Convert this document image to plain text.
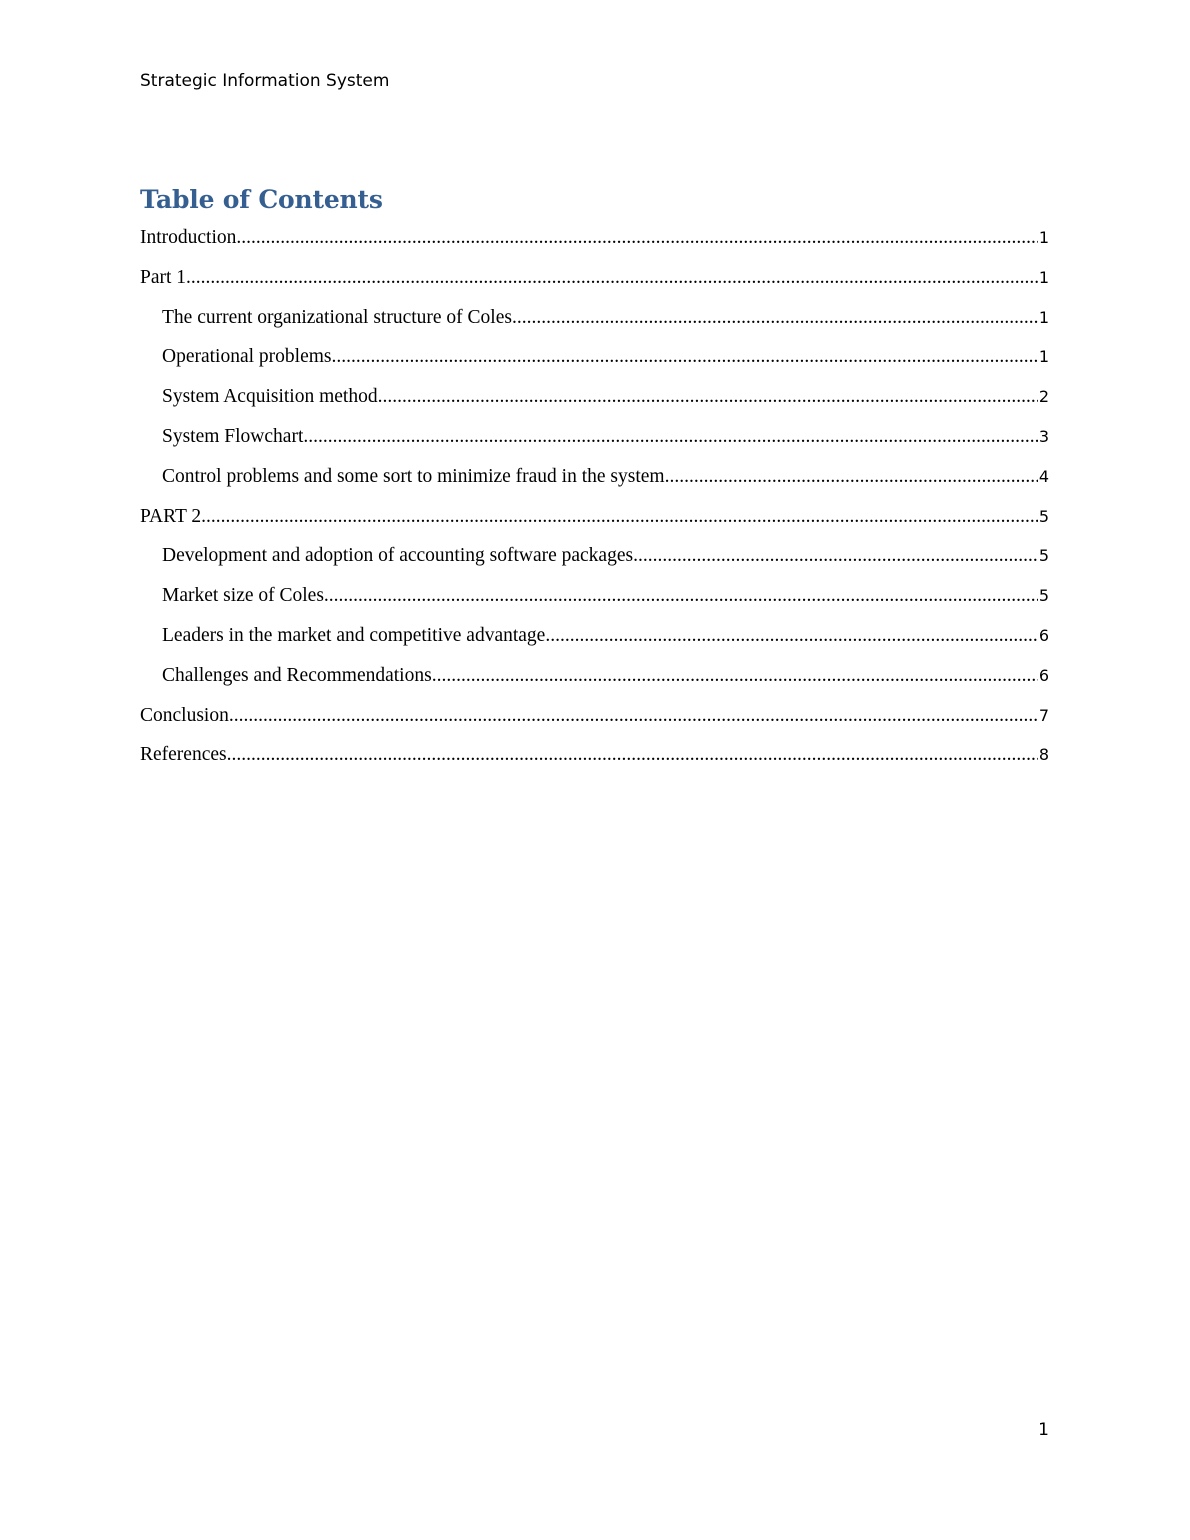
Strategic Information System
Table of Contents
Introduction .....	1
Part 1 .....	1
The current organizational structure of Coles .....	1
Operational problems .....	1
System Acquisition method .....	2
System Flowchart .....	3
Control problems and some sort to minimize fraud in the system .....	4
PART 2 .....	5
Development and adoption of accounting software packages .....	5
Market size of Coles .....	5
Leaders in the market and competitive advantage .....	6
Challenges and Recommendations .....	6
Conclusion .....	7
References .....	8
1
